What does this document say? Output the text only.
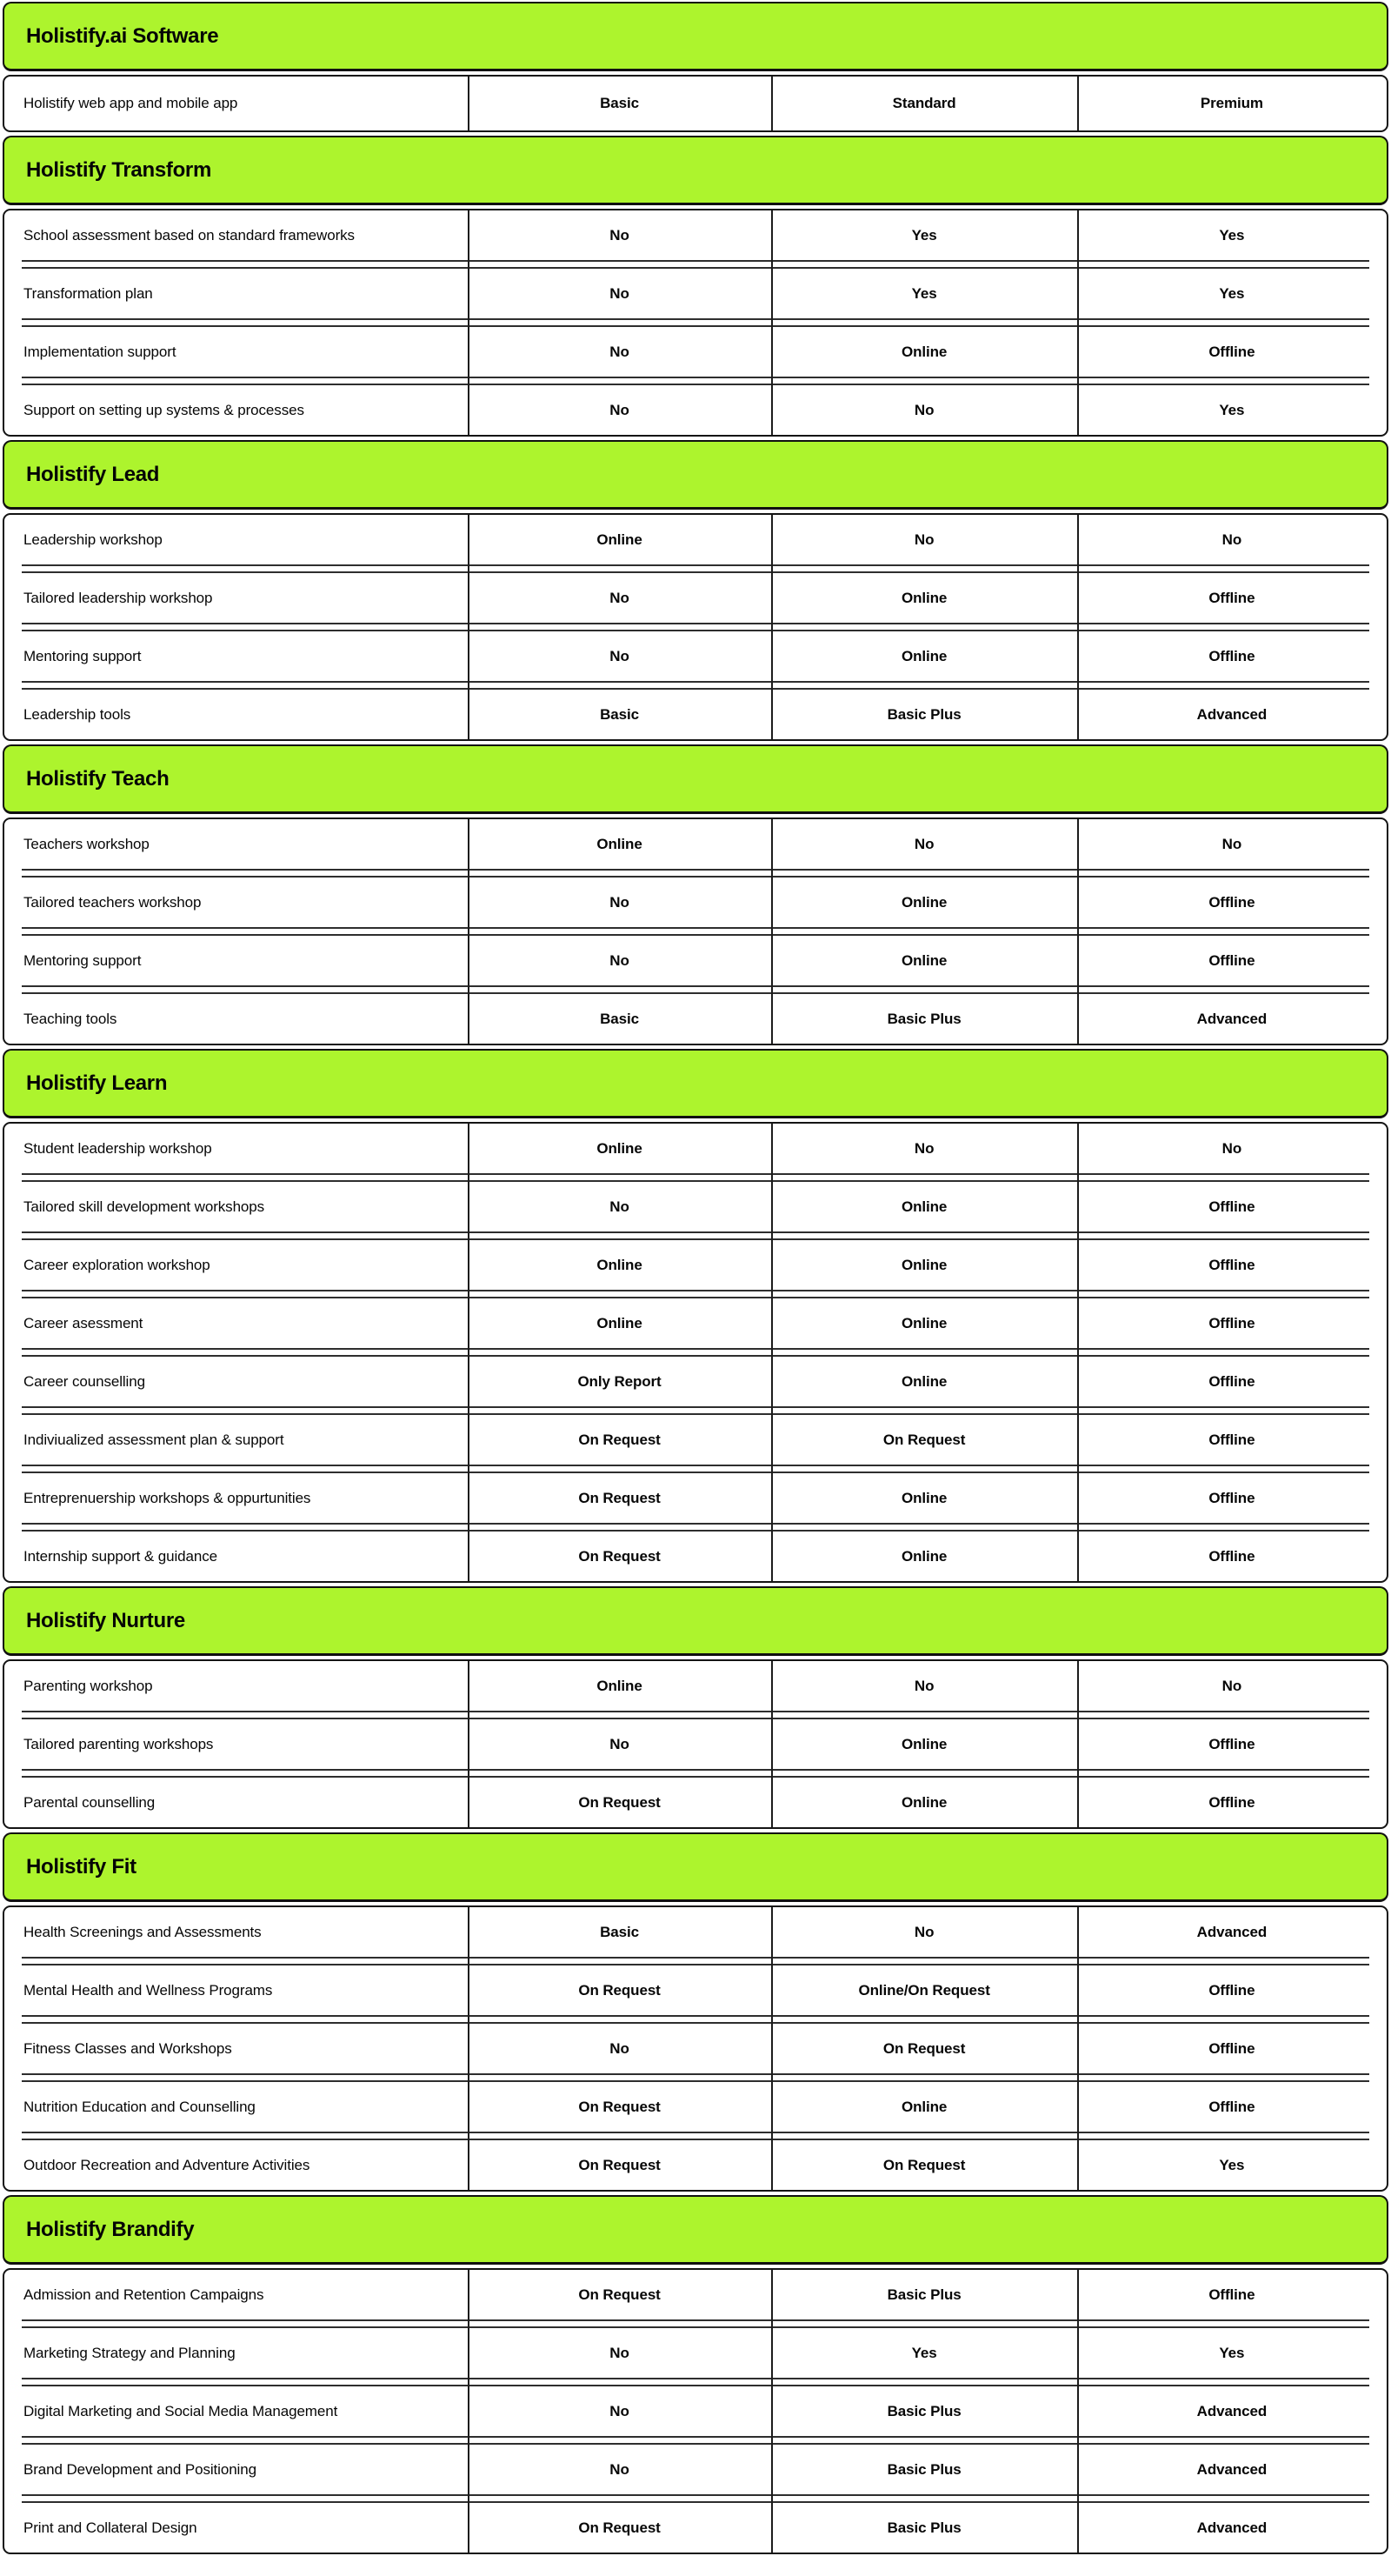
Holistify.ai Software
Holistify web app and mobile app	Basic	Standard	Premium
Holistify Transform
School assessment based on standard frameworks	No	Yes	Yes
Transformation plan	No	Yes	Yes
Implementation support	No	Online	Offline
Support on setting up systems & processes	No	No	Yes
Holistify Lead
Leadership workshop	Online	No	No
Tailored leadership workshop	No	Online	Offline
Mentoring support	No	Online	Offline
Leadership tools	Basic	Basic Plus	Advanced
Holistify Teach
Teachers workshop	Online	No	No
Tailored teachers workshop	No	Online	Offline
Mentoring support	No	Online	Offline
Teaching tools	Basic	Basic Plus	Advanced
Holistify Learn
Student leadership workshop	Online	No	No
Tailored skill development workshops	No	Online	Offline
Career exploration workshop	Online	Online	Offline
Career asessment	Online	Online	Offline
Career counselling	Only Report	Online	Offline
Indiviualized assessment plan & support	On Request	On Request	Offline
Entreprenuership workshops & oppurtunities	On Request	Online	Offline
Internship support & guidance	On Request	Online	Offline
Holistify Nurture
Parenting workshop	Online	No	No
Tailored parenting workshops	No	Online	Offline
Parental counselling	On Request	Online	Offline
Holistify Fit
Health Screenings and Assessments	Basic	No	Advanced
Mental Health and Wellness Programs	On Request	Online/On Request	Offline
Fitness Classes and Workshops	No	On Request	Offline
Nutrition Education and Counselling	On Request	Online	Offline
Outdoor Recreation and Adventure Activities	On Request	On Request	Yes
Holistify Brandify
Admission and Retention Campaigns	On Request	Basic Plus	Offline
Marketing Strategy and Planning	No	Yes	Yes
Digital Marketing and Social Media Management	No	Basic Plus	Advanced
Brand Development and Positioning	No	Basic Plus	Advanced
Print and Collateral Design	On Request	Basic Plus	Advanced
